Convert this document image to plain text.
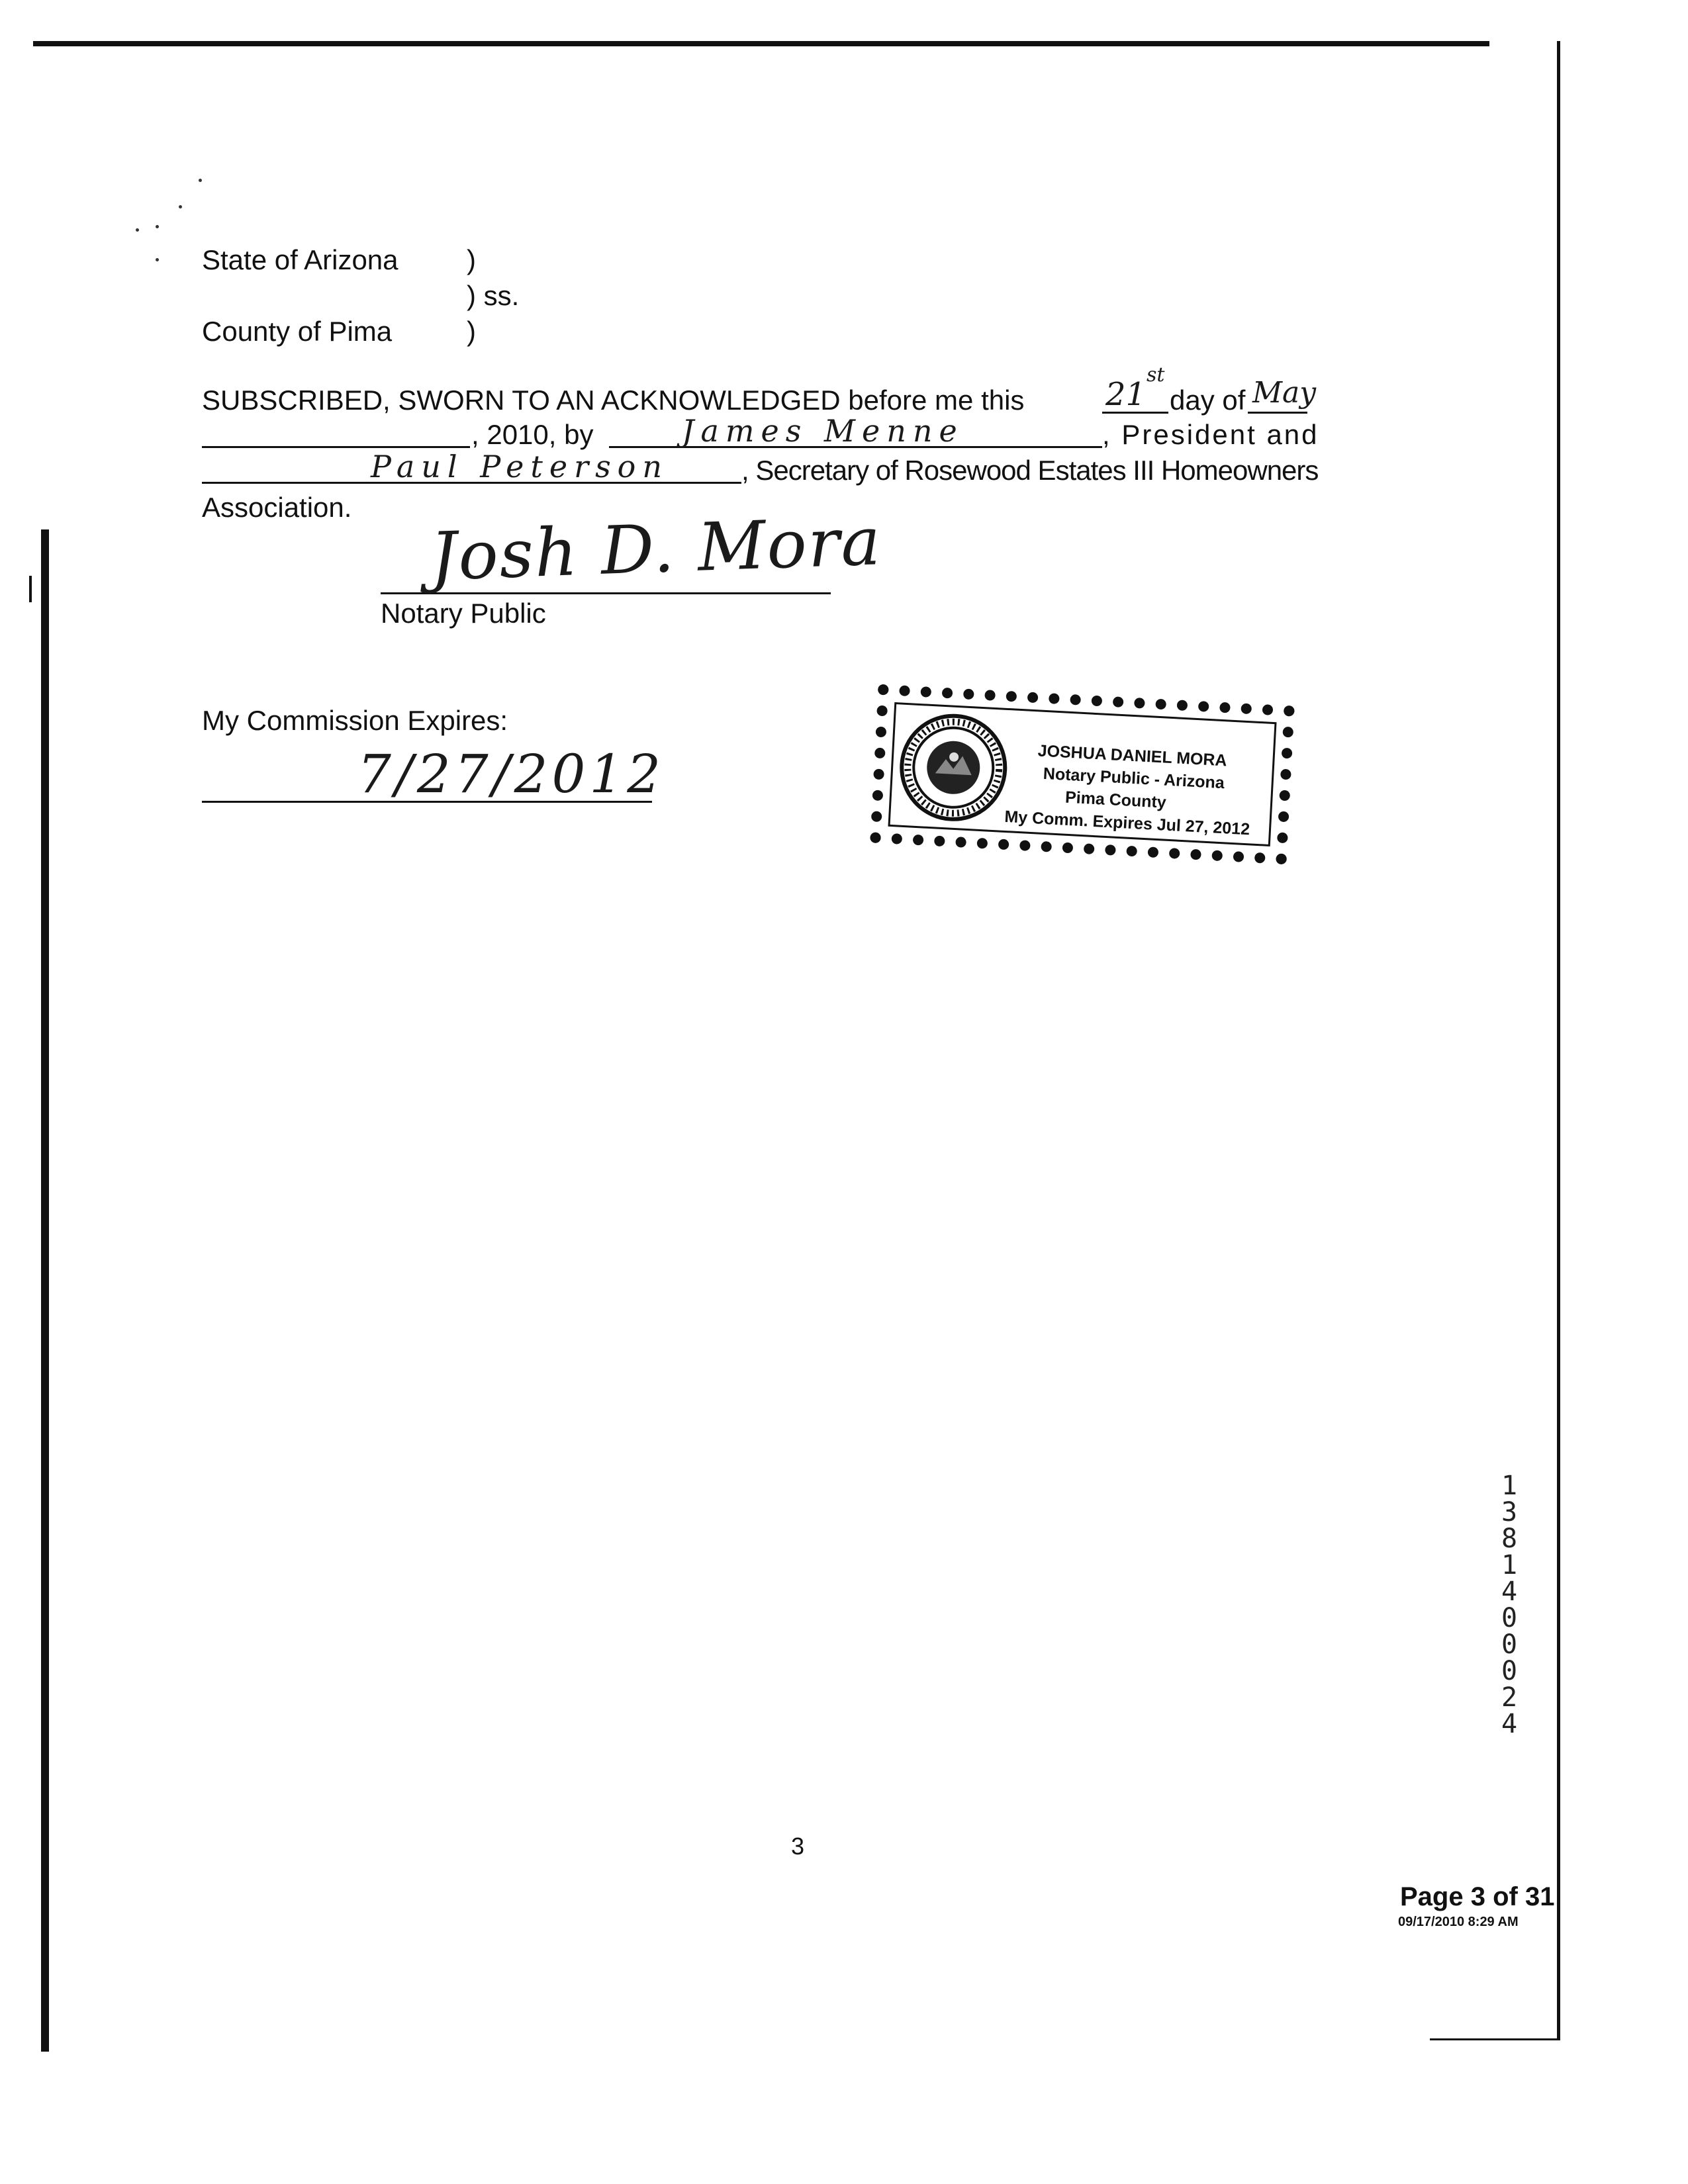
State of Arizona )
) ss.
County of Pima	)
SUBSCRIBED, SWORN TO AN ACKNOWLEDGED before me this	21
st
day of May
, 2010, by	James Menne	, President and
Paul Peterson	, Secretary of Rosewood Estates III Homeowners
Association. Josh D. Mora
Notary Public
My Commission Expires:
7/27/2012	JOSHUA DANIEL MORA
Notary Public - Arizona
Pima County
My Comm. Expires Jul 27, 2012
13814 00024
3
Page 3 of 31
09/17/2010 8:29 AM
